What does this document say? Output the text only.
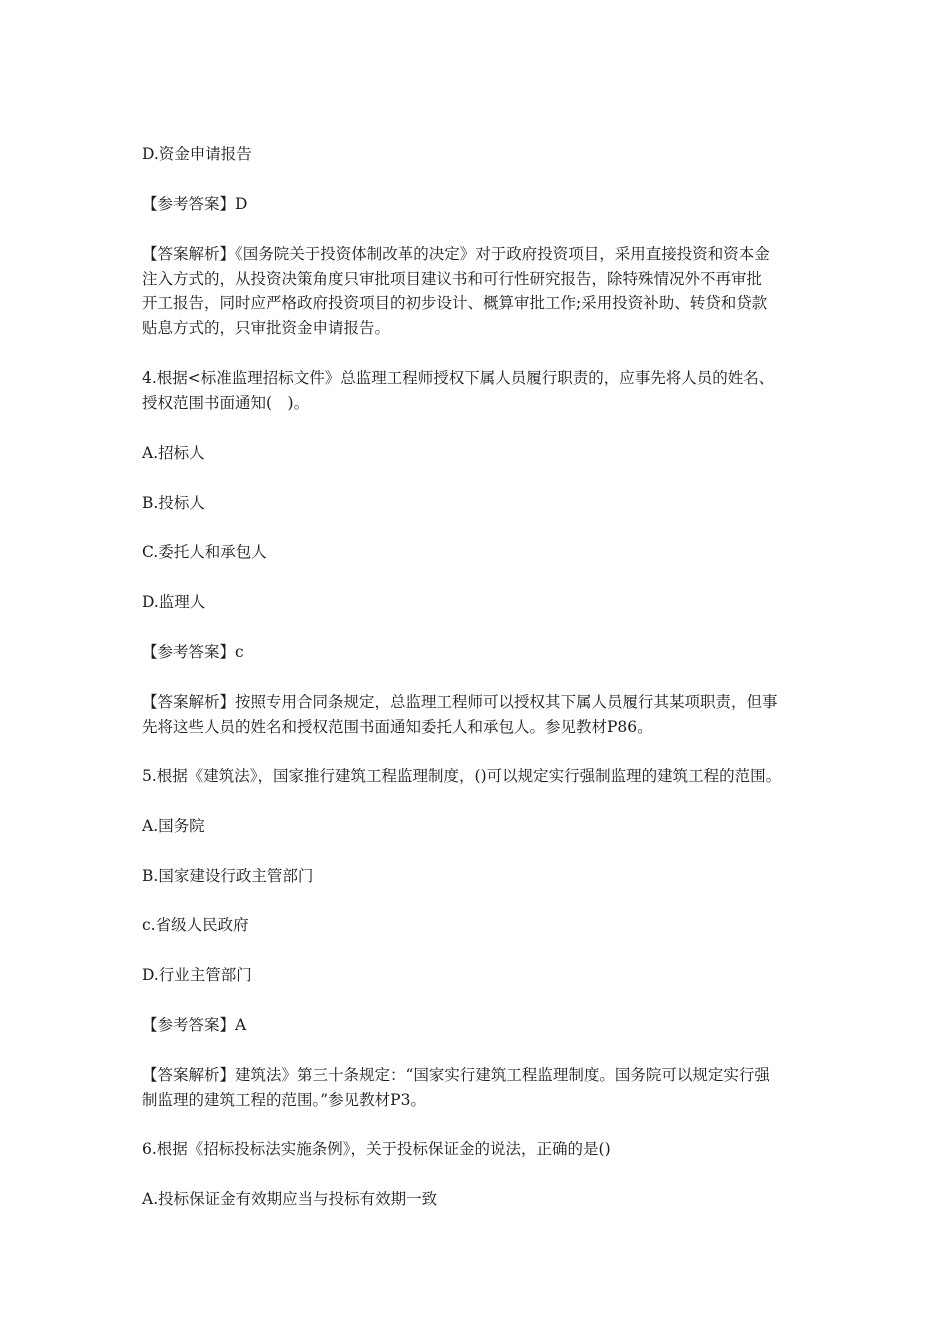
D.资金申请报告

【参考答案】D

【答案解析】《国务院关于投资体制改革的决定》对于政府投资项目，采用直接投资和资本金
注入方式的，从投资决策角度只审批项目建议书和可行性研究报告，除特殊情况外不再审批
开工报告，同时应严格政府投资项目的初步设计、概算审批工作;采用投资补助、转贷和贷款
贴息方式的，只审批资金申请报告。

4.根据<标准监理招标文件》总监理工程师授权下属人员履行职责的，应事先将人员的姓名、
授权范围书面通知(　)。

A.招标人

B.投标人

C.委托人和承包人

D.监理人

【参考答案】c

【答案解析】按照专用合同条规定，总监理工程师可以授权其下属人员履行其某项职责，但事
先将这些人员的姓名和授权范围书面通知委托人和承包人。参见教材P86。

5.根据《建筑法》，国家推行建筑工程监理制度，()可以规定实行强制监理的建筑工程的范围。

A.国务院

B.国家建设行政主管部门

c.省级人民政府

D.行业主管部门

【参考答案】A

【答案解析】建筑法》第三十条规定：“国家实行建筑工程监理制度。国务院可以规定实行强
制监理的建筑工程的范围。”参见教材P3。

6.根据《招标投标法实施条例》，关于投标保证金的说法，正确的是()

A.投标保证金有效期应当与投标有效期一致
